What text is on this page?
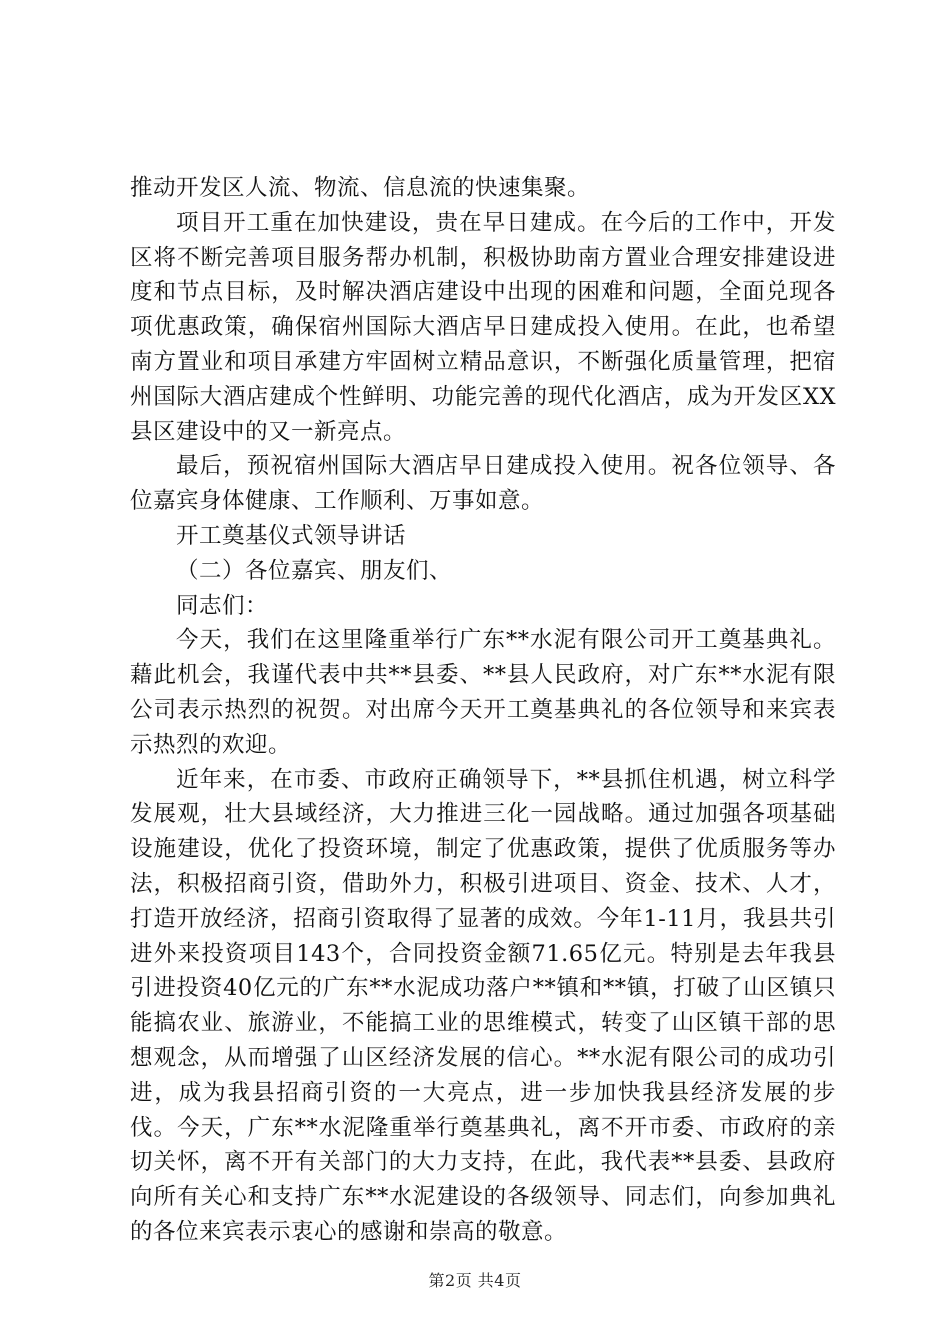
推动开发区人流、物流、信息流的快速集聚。

项目开工重在加快建设，贵在早日建成。在今后的工作中，开发区将不断完善项目服务帮办机制，积极协助南方置业合理安排建设进度和节点目标，及时解决酒店建设中出现的困难和问题，全面兑现各项优惠政策，确保宿州国际大酒店早日建成投入使用。在此，也希望南方置业和项目承建方牢固树立精品意识，不断强化质量管理，把宿州国际大酒店建成个性鲜明、功能完善的现代化酒店，成为开发区XX县区建设中的又一新亮点。

最后，预祝宿州国际大酒店早日建成投入使用。祝各位领导、各位嘉宾身体健康、工作顺利、万事如意。

开工奠基仪式领导讲话

（二）各位嘉宾、朋友们、

同志们：

今天，我们在这里隆重举行广东**水泥有限公司开工奠基典礼。藉此机会，我谨代表中共**县委、**县人民政府，对广东**水泥有限公司表示热烈的祝贺。对出席今天开工奠基典礼的各位领导和来宾表示热烈的欢迎。

近年来，在市委、市政府正确领导下，**县抓住机遇，树立科学发展观，壮大县域经济，大力推进三化一园战略。通过加强各项基础设施建设，优化了投资环境，制定了优惠政策，提供了优质服务等办法，积极招商引资，借助外力，积极引进项目、资金、技术、人才，打造开放经济，招商引资取得了显著的成效。今年1-11月，我县共引进外来投资项目143个，合同投资金额71.65亿元。特别是去年我县引进投资40亿元的广东**水泥成功落户**镇和**镇，打破了山区镇只能搞农业、旅游业，不能搞工业的思维模式，转变了山区镇干部的思想观念，从而增强了山区经济发展的信心。**水泥有限公司的成功引进，成为我县招商引资的一大亮点，进一步加快我县经济发展的步伐。今天，广东**水泥隆重举行奠基典礼，离不开市委、市政府的亲切关怀，离不开有关部门的大力支持，在此，我代表**县委、县政府向所有关心和支持广东**水泥建设的各级领导、同志们，向参加典礼的各位来宾表示衷心的感谢和崇高的敬意。

第2页 共4页
